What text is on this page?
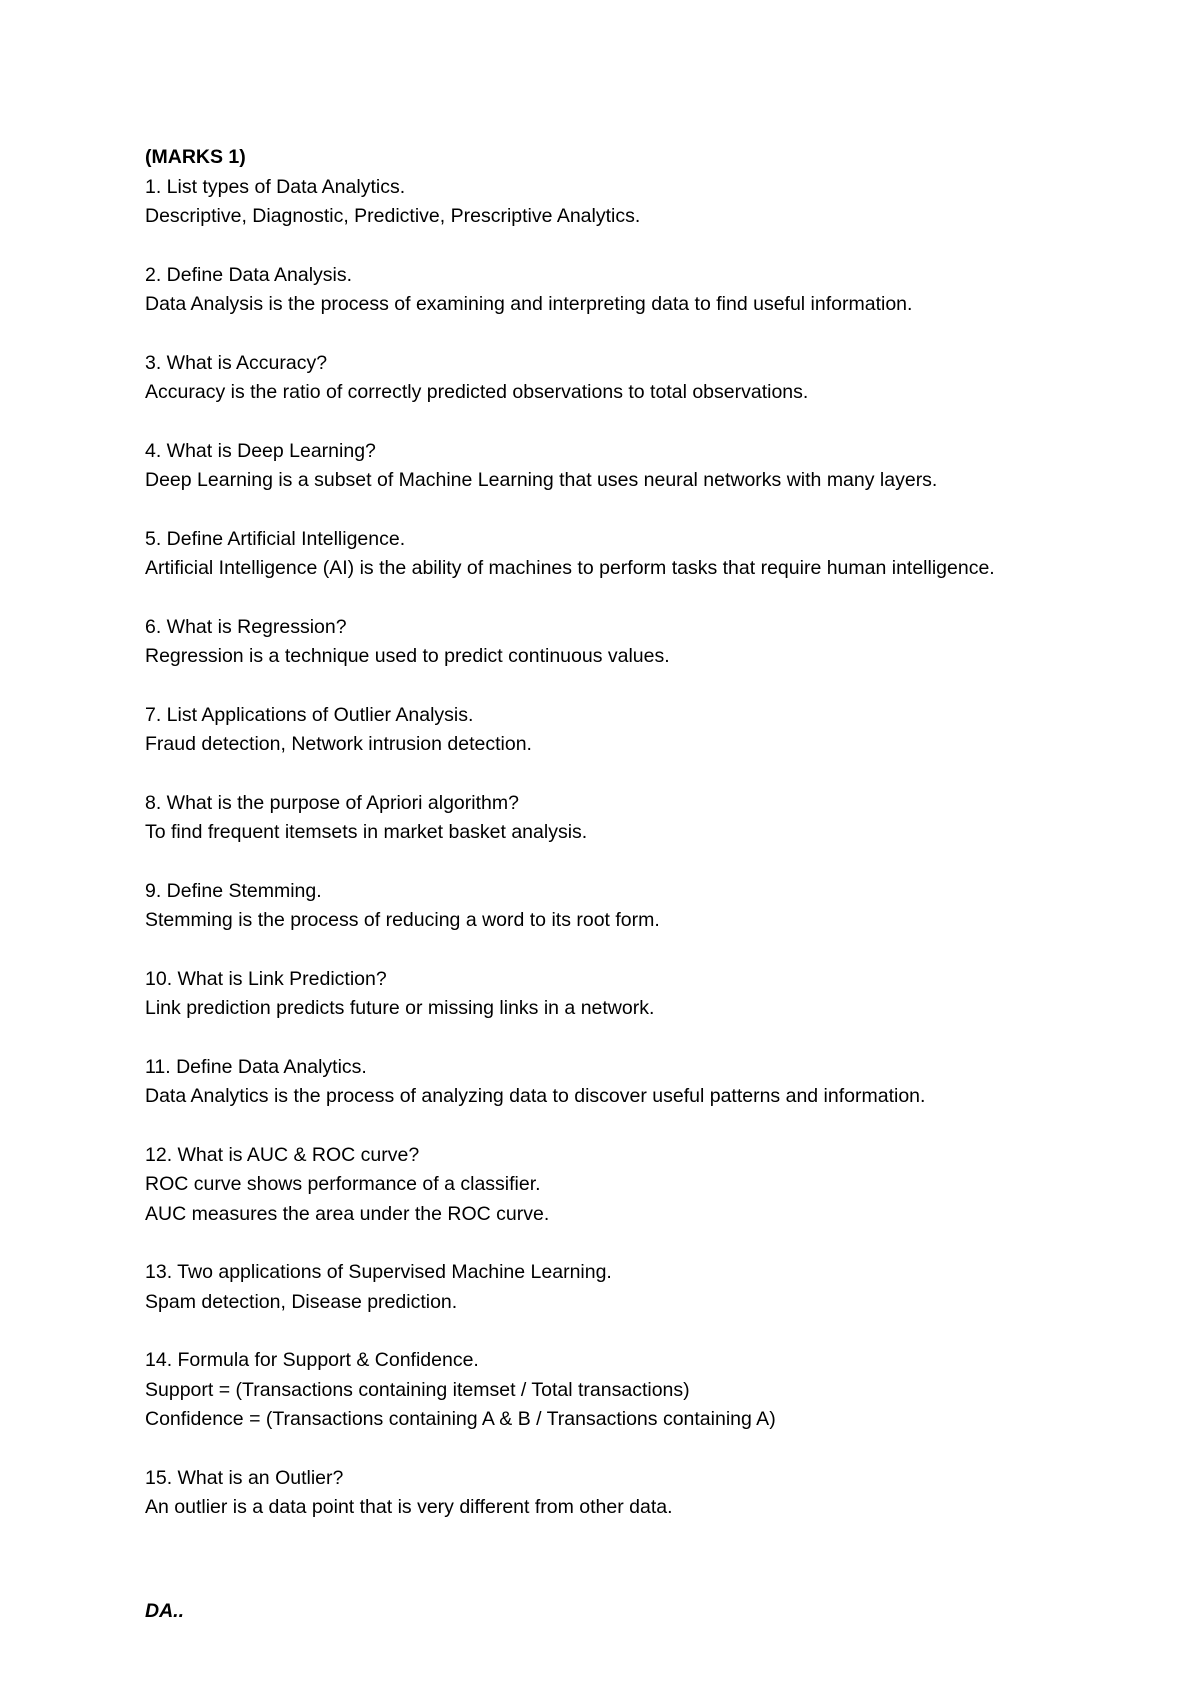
(MARKS 1)

1. List types of Data Analytics.

Descriptive, Diagnostic, Predictive, Prescriptive Analytics.

2. Define Data Analysis.

Data Analysis is the process of examining and interpreting data to find useful information.

3. What is Accuracy?

Accuracy is the ratio of correctly predicted observations to total observations.

4. What is Deep Learning?

Deep Learning is a subset of Machine Learning that uses neural networks with many layers.

5. Define Artificial Intelligence.

Artificial Intelligence (AI) is the ability of machines to perform tasks that require human intelligence.

6. What is Regression?

Regression is a technique used to predict continuous values.

7. List Applications of Outlier Analysis.

Fraud detection, Network intrusion detection.

8. What is the purpose of Apriori algorithm?

To find frequent itemsets in market basket analysis.

9. Define Stemming.

Stemming is the process of reducing a word to its root form.

10. What is Link Prediction?

Link prediction predicts future or missing links in a network.

11. Define Data Analytics.

Data Analytics is the process of analyzing data to discover useful patterns and information.

12. What is AUC & ROC curve?

ROC curve shows performance of a classifier.

AUC measures the area under the ROC curve.

13. Two applications of Supervised Machine Learning.

Spam detection, Disease prediction.

14. Formula for Support & Confidence.

Support = (Transactions containing itemset / Total transactions)

Confidence = (Transactions containing A & B / Transactions containing A)

15. What is an Outlier?

An outlier is a data point that is very different from other data.

DA..
